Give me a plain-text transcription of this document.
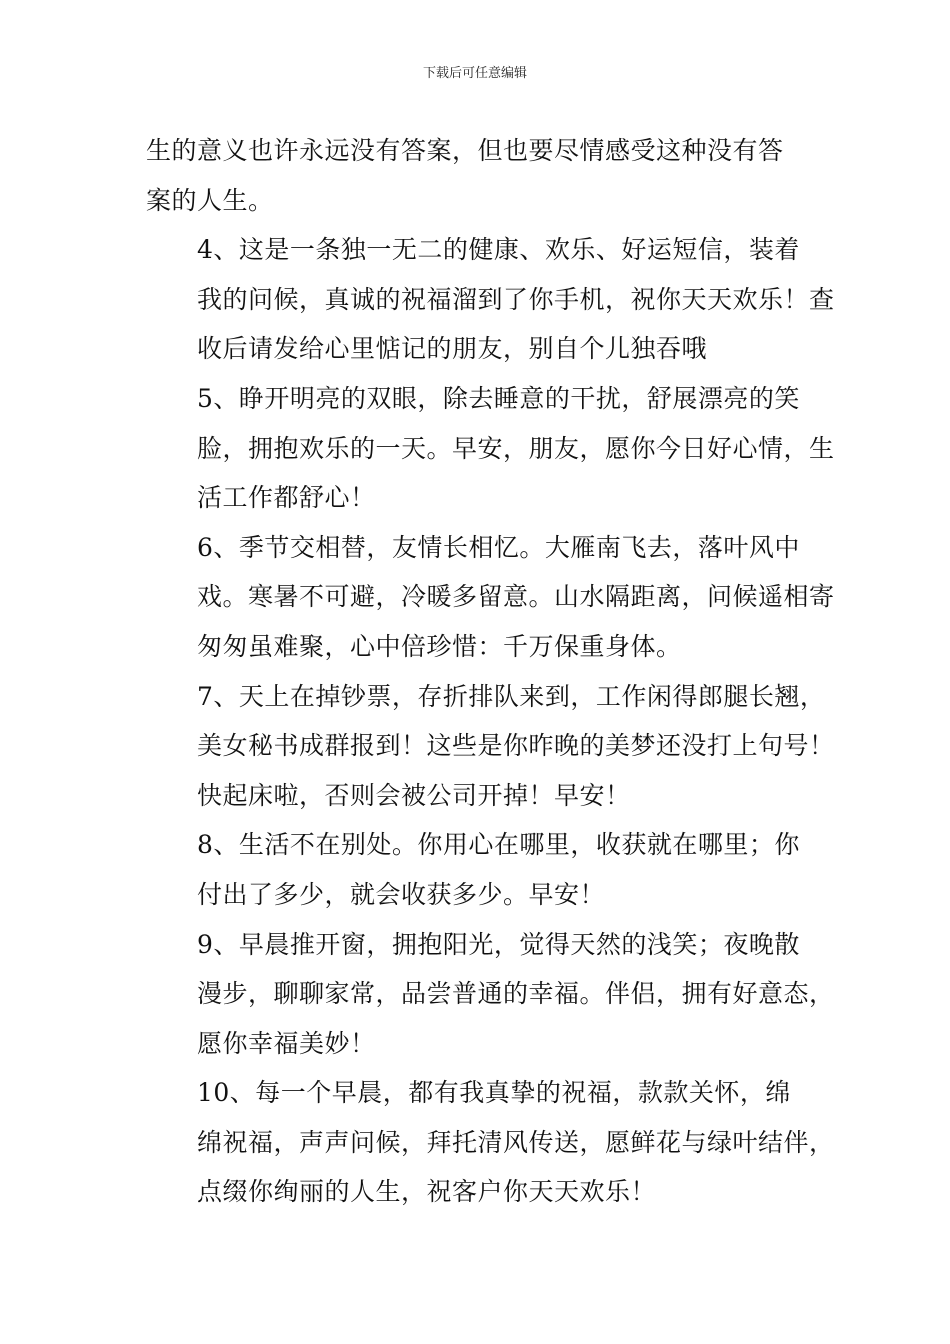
下载后可任意编辑

生的意义也许永远没有答案，但也要尽情感受这种没有答
案的人生。

4、这是一条独一无二的健康、欢乐、好运短信，装着
我的问候，真诚的祝福溜到了你手机，祝你天天欢乐！查
收后请发给心里惦记的朋友，别自个儿独吞哦

5、睁开明亮的双眼，除去睡意的干扰，舒展漂亮的笑
脸，拥抱欢乐的一天。早安，朋友，愿你今日好心情，生
活工作都舒心！

6、季节交相替，友情长相忆。大雁南飞去，落叶风中
戏。寒暑不可避，冷暖多留意。山水隔距离，问候遥相寄
匆匆虽难聚，心中倍珍惜：千万保重身体。

7、天上在掉钞票，存折排队来到，工作闲得郎腿长翘，
美女秘书成群报到！这些是你昨晚的美梦还没打上句号！
快起床啦，否则会被公司开掉！早安！

8、生活不在别处。你用心在哪里，收获就在哪里；你
付出了多少，就会收获多少。早安！

9、早晨推开窗，拥抱阳光，觉得天然的浅笑；夜晚散
漫步，聊聊家常，品尝普通的幸福。伴侣，拥有好意态，
愿你幸福美妙！

10、每一个早晨，都有我真挚的祝福，款款关怀，绵
绵祝福，声声问候，拜托清风传送，愿鲜花与绿叶结伴，
点缀你绚丽的人生，祝客户你天天欢乐！
